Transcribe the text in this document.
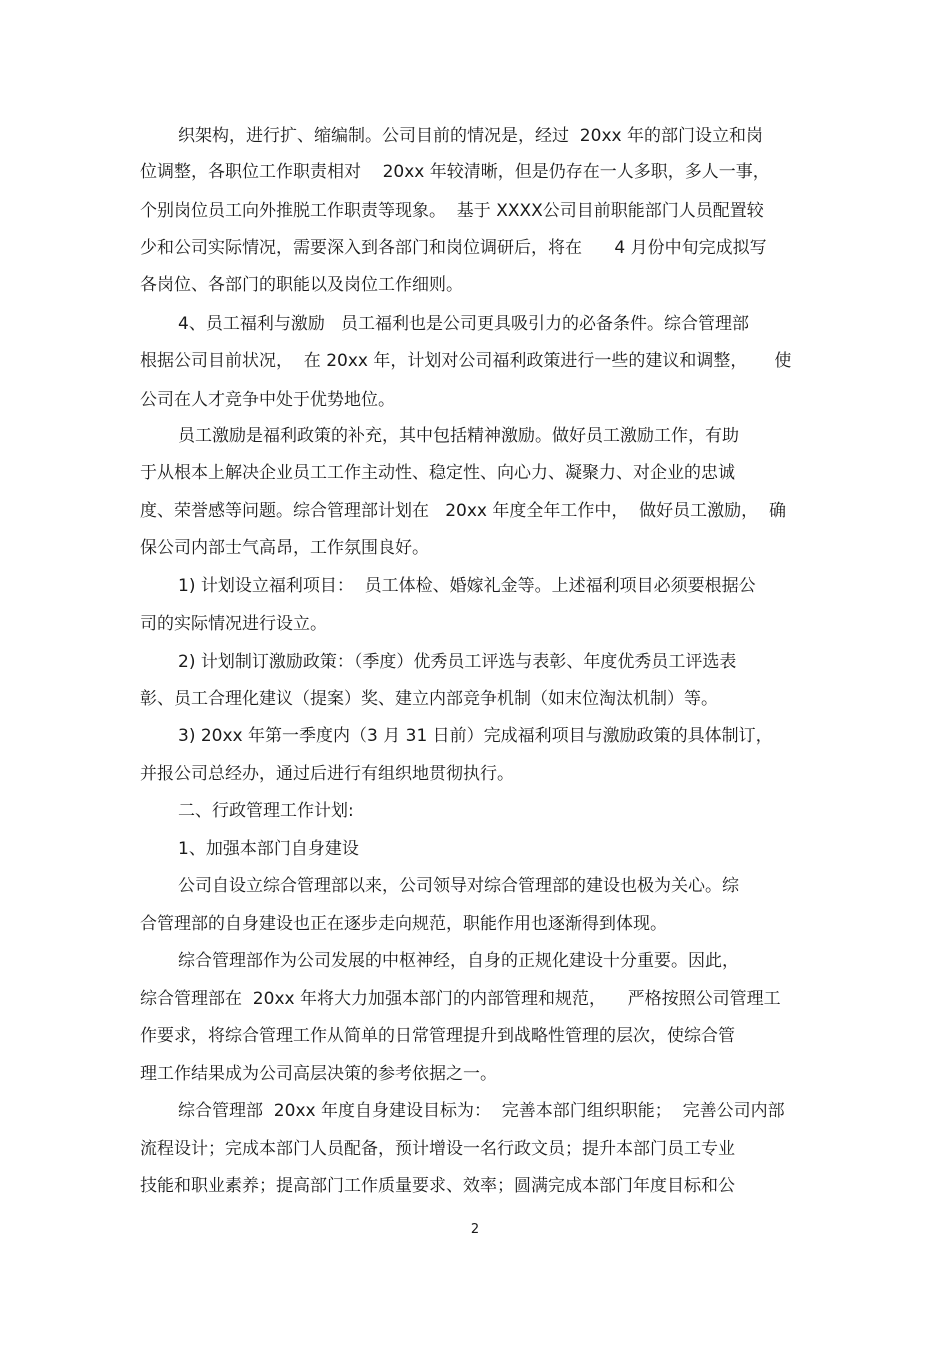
织架构，进行扩、缩编制。公司目前的情况是，经过  20xx 年的部门设立和岗
位调整，各职位工作职责相对    20xx 年较清晰，但是仍存在一人多职，多人一事，
个别岗位员工向外推脱工作职责等现象。  基于 XXXX公司目前职能部门人员配置较
少和公司实际情况，需要深入到各部门和岗位调研后，将在      4 月份中旬完成拟写
各岗位、各部门的职能以及岗位工作细则。
4、员工福利与激励   员工福利也是公司更具吸引力的必备条件。综合管理部
根据公司目前状况，  在 20xx 年，计划对公司福利政策进行一些的建议和调整，     使
公司在人才竞争中处于优势地位。
员工激励是福利政策的补充，其中包括精神激励。做好员工激励工作，有助
于从根本上解决企业员工工作主动性、稳定性、向心力、凝聚力、对企业的忠诚
度、荣誉感等问题。综合管理部计划在   20xx 年度全年工作中，  做好员工激励，  确
保公司内部士气高昂，工作氛围良好。
1) 计划设立福利项目：  员工体检、婚嫁礼金等。上述福利项目必须要根据公
司的实际情况进行设立。
2) 计划制订激励政策：（季度）优秀员工评选与表彰、年度优秀员工评选表
彰、员工合理化建议（提案）奖、建立内部竞争机制（如末位淘汰机制）等。
3) 20xx 年第一季度内（3 月 31 日前）完成福利项目与激励政策的具体制订，
并报公司总经办，通过后进行有组织地贯彻执行。
二、行政管理工作计划:
1、加强本部门自身建设
公司自设立综合管理部以来，公司领导对综合管理部的建设也极为关心。综
合管理部的自身建设也正在逐步走向规范，职能作用也逐渐得到体现。
综合管理部作为公司发展的中枢神经，自身的正规化建设十分重要。因此，
综合管理部在  20xx 年将大力加强本部门的内部管理和规范，    严格按照公司管理工
作要求，将综合管理工作从简单的日常管理提升到战略性管理的层次，使综合管
理工作结果成为公司高层决策的参考依据之一。
综合管理部  20xx 年度自身建设目标为：  完善本部门组织职能；  完善公司内部
流程设计；完成本部门人员配备，预计增设一名行政文员；提升本部门员工专业
技能和职业素养；提高部门工作质量要求、效率；圆满完成本部门年度目标和公
2
